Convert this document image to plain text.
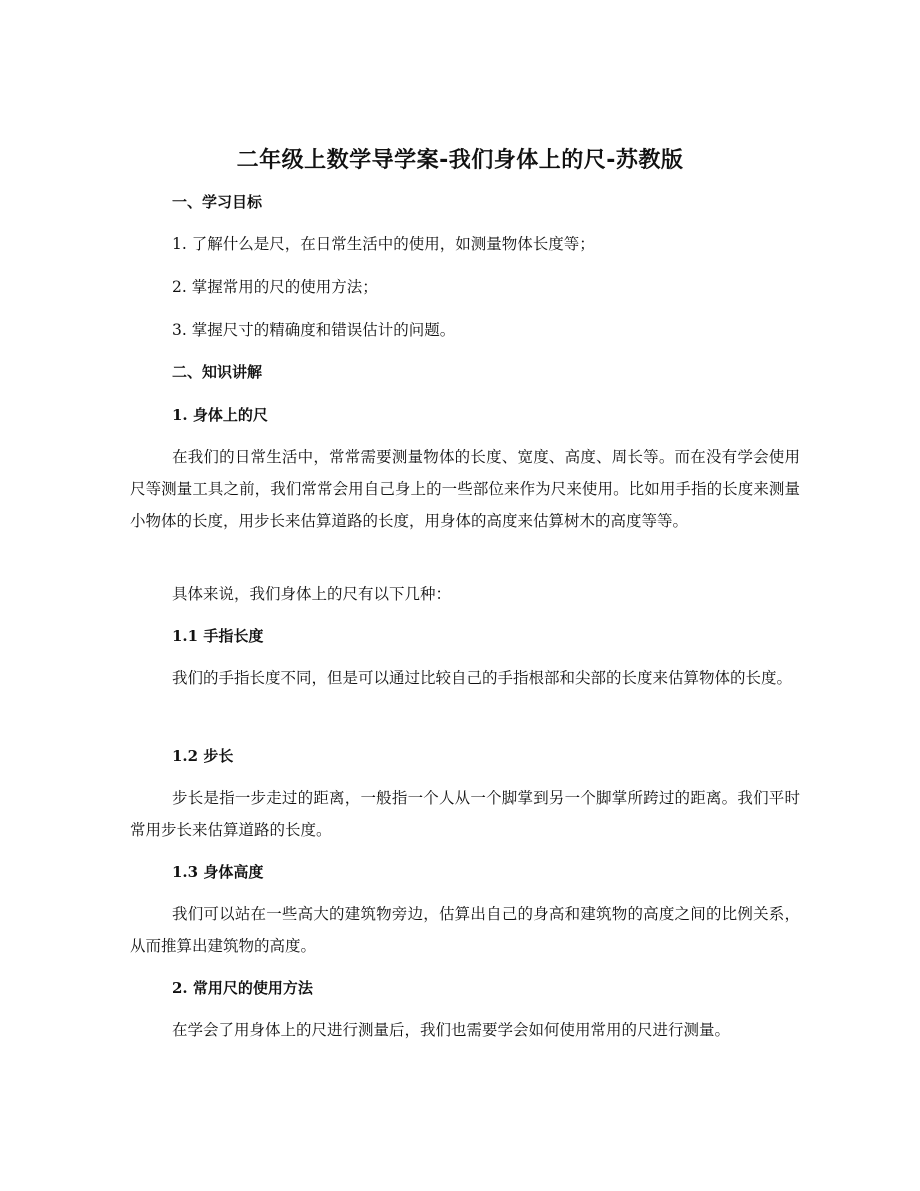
二年级上数学导学案-我们身体上的尺-苏教版
一、学习目标
1. 了解什么是尺，在日常生活中的使用，如测量物体长度等；
2. 掌握常用的尺的使用方法；
3. 掌握尺寸的精确度和错误估计的问题。
二、知识讲解
1. 身体上的尺
在我们的日常生活中，常常需要测量物体的长度、宽度、高度、周长等。而在没有学会使用尺等测量工具之前，我们常常会用自己身上的一些部位来作为尺来使用。比如用手指的长度来测量小物体的长度，用步长来估算道路的长度，用身体的高度来估算树木的高度等等。
具体来说，我们身体上的尺有以下几种：
1.1 手指长度
我们的手指长度不同，但是可以通过比较自己的手指根部和尖部的长度来估算物体的长度。
1.2 步长
步长是指一步走过的距离，一般指一个人从一个脚掌到另一个脚掌所跨过的距离。我们平时常用步长来估算道路的长度。
1.3 身体高度
我们可以站在一些高大的建筑物旁边，估算出自己的身高和建筑物的高度之间的比例关系，从而推算出建筑物的高度。
2. 常用尺的使用方法
在学会了用身体上的尺进行测量后，我们也需要学会如何使用常用的尺进行测量。
